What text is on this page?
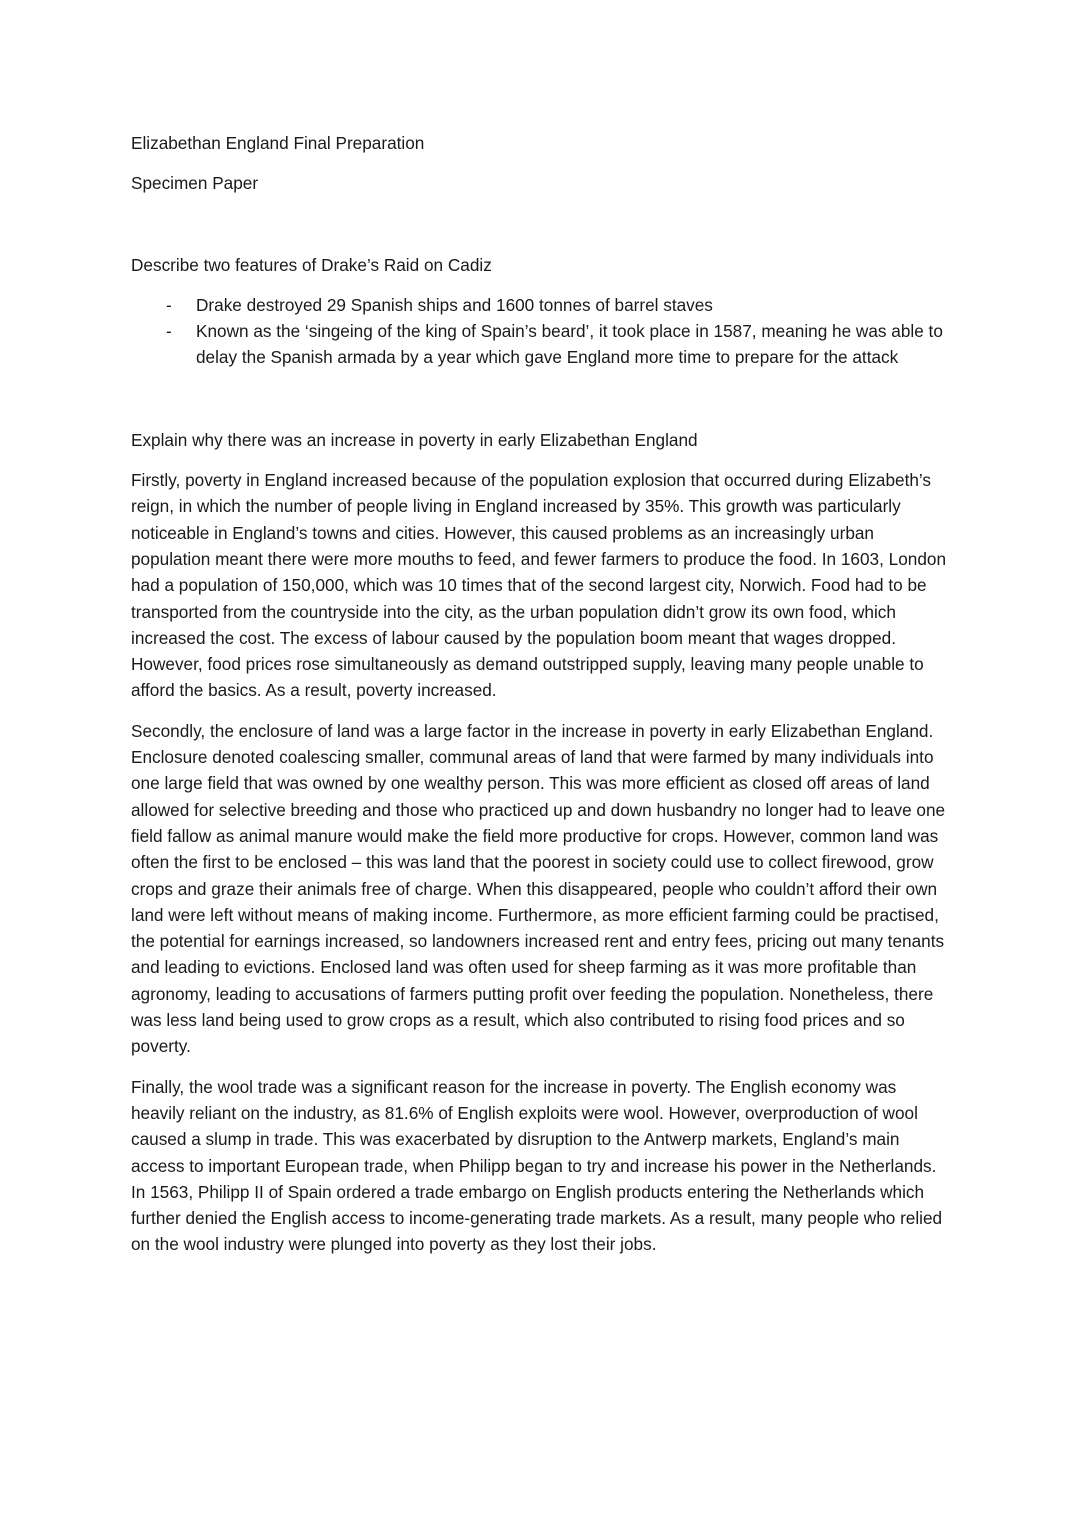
Elizabethan England Final Preparation

Specimen Paper

Describe two features of Drake’s Raid on Cadiz

- Drake destroyed 29 Spanish ships and 1600 tonnes of barrel staves
- Known as the ‘singeing of the king of Spain’s beard’, it took place in 1587, meaning he was able to delay the Spanish armada by a year which gave England more time to prepare for the attack

Explain why there was an increase in poverty in early Elizabethan England

Firstly, poverty in England increased because of the population explosion that occurred during Elizabeth’s reign, in which the number of people living in England increased by 35%. This growth was particularly noticeable in England’s towns and cities. However, this caused problems as an increasingly urban population meant there were more mouths to feed, and fewer farmers to produce the food. In 1603, London had a population of 150,000, which was 10 times that of the second largest city, Norwich. Food had to be transported from the countryside into the city, as the urban population didn’t grow its own food, which increased the cost. The excess of labour caused by the population boom meant that wages dropped. However, food prices rose simultaneously as demand outstripped supply, leaving many people unable to afford the basics. As a result, poverty increased.

Secondly, the enclosure of land was a large factor in the increase in poverty in early Elizabethan England. Enclosure denoted coalescing smaller, communal areas of land that were farmed by many individuals into one large field that was owned by one wealthy person. This was more efficient as closed off areas of land allowed for selective breeding and those who practiced up and down husbandry no longer had to leave one field fallow as animal manure would make the field more productive for crops. However, common land was often the first to be enclosed – this was land that the poorest in society could use to collect firewood, grow crops and graze their animals free of charge. When this disappeared, people who couldn’t afford their own land were left without means of making income. Furthermore, as more efficient farming could be practised, the potential for earnings increased, so landowners increased rent and entry fees, pricing out many tenants and leading to evictions. Enclosed land was often used for sheep farming as it was more profitable than agronomy, leading to accusations of farmers putting profit over feeding the population. Nonetheless, there was less land being used to grow crops as a result, which also contributed to rising food prices and so poverty.

Finally, the wool trade was a significant reason for the increase in poverty. The English economy was heavily reliant on the industry, as 81.6% of English exploits were wool. However, overproduction of wool caused a slump in trade. This was exacerbated by disruption to the Antwerp markets, England’s main access to important European trade, when Philipp began to try and increase his power in the Netherlands. In 1563, Philipp II of Spain ordered a trade embargo on English products entering the Netherlands which further denied the English access to income-generating trade markets. As a result, many people who relied on the wool industry were plunged into poverty as they lost their jobs.
